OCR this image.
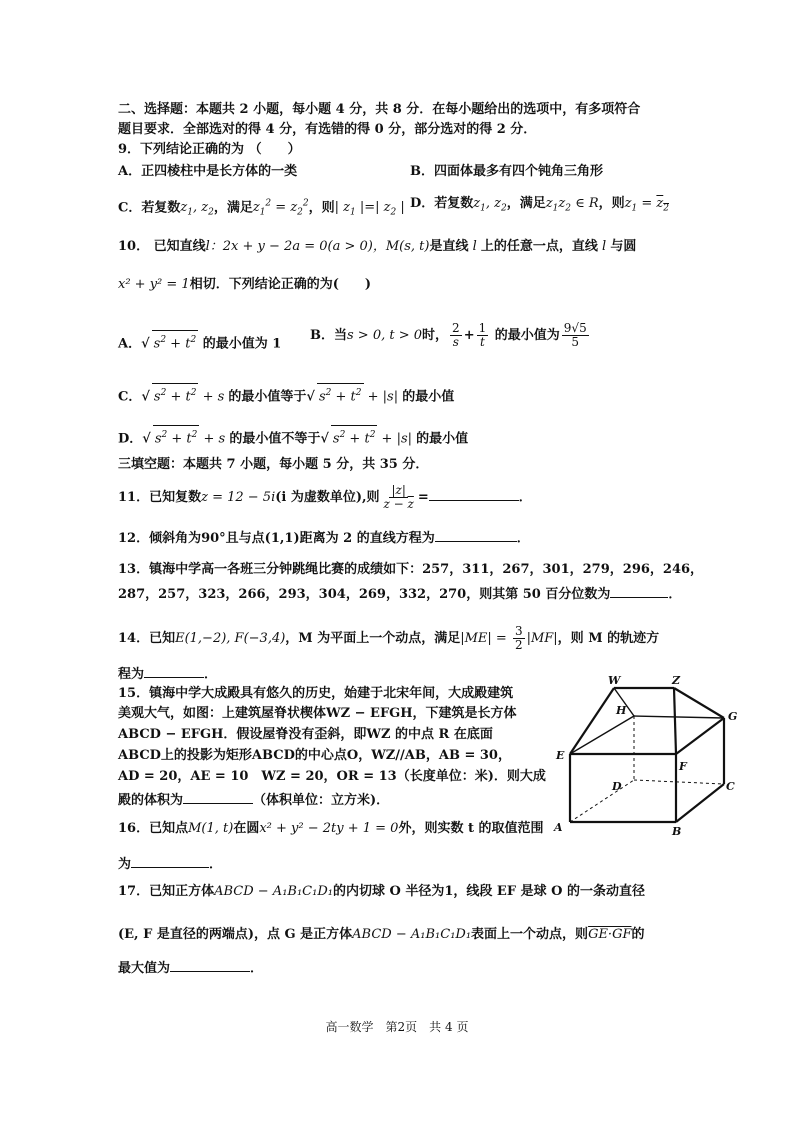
二、选择题：本题共 2 小题，每小题 4 分，共 8 分．在每小题给出的选项中，有多项符合
题目要求．全部选对的得 4 分，有选错的得 0 分，部分选对的得 2 分．
9．下列结论正确的为 （　　）
A．正四棱柱中是长方体的一类	B．四面体最多有四个钝角三角形
C．若复数$z_1$, $z_2$，满足$z_1^2 = z_2^2$，则| $z_1$ |=| $z_2$ | D．若复数$z_1$, $z_2$，满足$z_1z_2$ ∈ R，则$z_1 = z_2$
10． 已知直线l：2x + y − 2a = 0(a > 0)，M(s, t)是直线 l 上的任意一点，直线 l 与圆
x² + y² = 1相切．下列结论正确的为(　　)
A．√ $s^2 + t^2$ 的最小值为 1
B．当s > 0, t > 0时， $\frac{2}{s} + \frac{1}{t}$ 的最小值为 $\frac{9√5}{5}$
C．√ $s^2 + t^2 + s$ 的最小值等于√ $s^2 + t^2 + |s|$ 的最小值
D．√ $s^2 + t^2 + s$ 的最小值不等于√ $s^2 + t^2 + |s|$ 的最小值
三填空题：本题共 7 小题，每小题 5 分，共 35 分．
11．已知复数z = 12 − 5i(i 为虚数单位),则 $\frac{|z|}{z - \overline{z}}$ =	．
12．倾斜角为90°且与点(1,1)距离为 2 的直线方程为	．
13．镇海中学高一各班三分钟跳绳比赛的成绩如下：257，311，267，301，279，296，246，
287，257，323，266，293，304，269，332，270，则其第 50 百分位数为	．
14．已知E(1,−2), F(−3,4)，M 为平面上一个动点，满足$|ME| = \frac{3}{2} |MF|$，则 M 的轨迹方
程为	．
15．镇海中学大成殿具有悠久的历史，始建于北宋年间，大成殿建筑
美观大气，如图：上建筑屋脊状楔体WZ − EFGH，下建筑是长方体
ABCD − EFGH．假设屋脊没有歪斜，即WZ 的中点 R 在底面
ABCD上的投影为矩形ABCD的中心点O，WZ//AB，AB = 30，
AD = 20，AE = 10　WZ = 20，OR = 13（长度单位：米)．则大成
殿的体积为	（体积单位：立方米)．
16．已知点M(1, t)在圆x² + y² − 2ty + 1 = 0外，则实数 t 的取值范围
为	．
17．已知正方体ABCD − A₁B₁C₁D₁的内切球 O 半径为1，线段 EF 是球 O 的一条动直径
(E, F 是直径的两端点)，点 G 是正方体ABCD − A₁B₁C₁D₁表面上一个动点，则GE·GF的
最大值为	．
W	Z
H	G
E
F
D	C
A	B
高一数学　第2页　共 4 页
